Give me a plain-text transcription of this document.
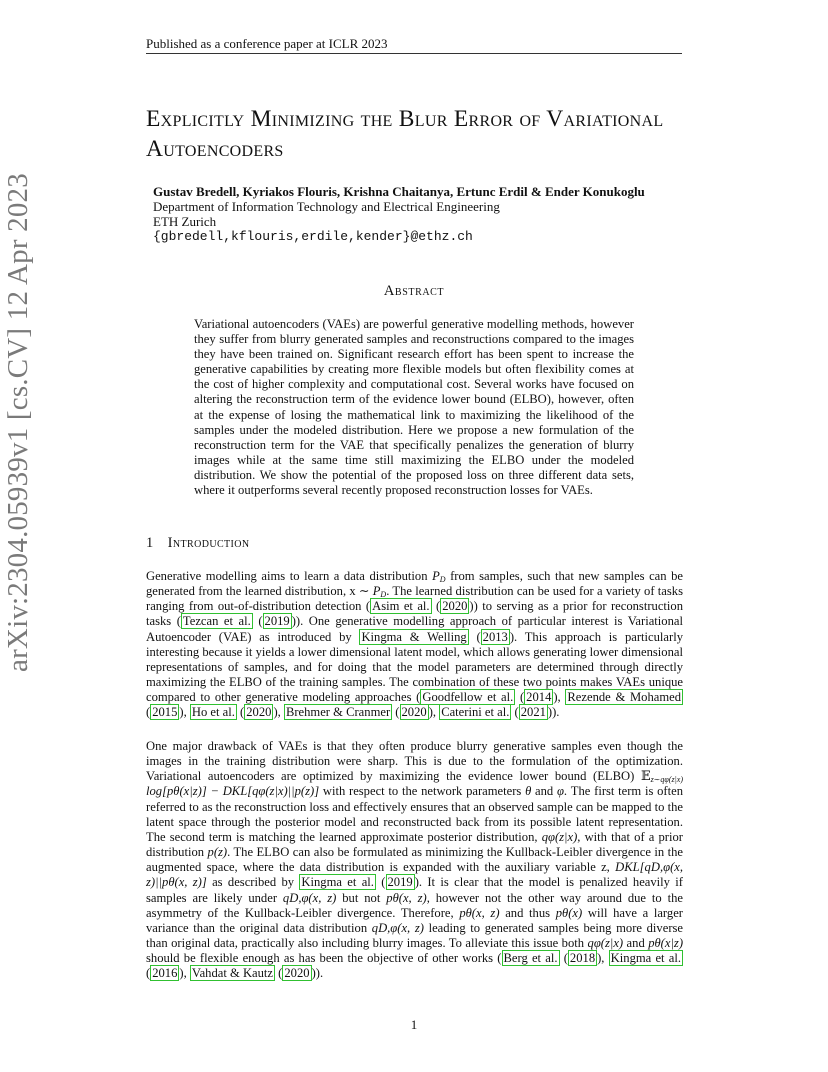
Published as a conference paper at ICLR 2023
arXiv:2304.05939v1 [cs.CV] 12 Apr 2023
Explicitly Minimizing the Blur Error of Variational Autoencoders
Gustav Bredell, Kyriakos Flouris, Krishna Chaitanya, Ertunc Erdil & Ender Konukoglu
Department of Information Technology and Electrical Engineering
ETH Zurich
{gbredell,kflouris,erdile,kender}@ethz.ch
Abstract

Variational autoencoders (VAEs) are powerful generative modelling methods, however they suffer from blurry generated samples and reconstructions compared to the images they have been trained on. Significant research effort has been spent to increase the generative capabilities by creating more flexible models but often flexibility comes at the cost of higher complexity and computational cost. Several works have focused on altering the reconstruction term of the evidence lower bound (ELBO), however, often at the expense of losing the mathematical link to maximizing the likelihood of the samples under the modeled distribution. Here we propose a new formulation of the reconstruction term for the VAE that specifically penalizes the generation of blurry images while at the same time still maximizing the ELBO under the modeled distribution. We show the potential of the proposed loss on three different data sets, where it outperforms several recently proposed reconstruction losses for VAEs.

1 Introduction

Generative modelling aims to learn a data distribution $P_D$ from samples, such that new samples can be generated from the learned distribution, x ∼ $P_D$. The learned distribution can be used for a variety of tasks ranging from out-of-distribution detection ( Asim et al. ( 2020 )) to serving as a prior for reconstruction tasks ( Tezcan et al. ( 2019 )). One generative modelling approach of particular interest is Variational Autoencoder (VAE) as introduced by Kingma & Welling ( 2013 ). This approach is particularly interesting because it yields a lower dimensional latent model, which allows generating lower dimensional representations of samples, and for doing that the model parameters are determined through directly maximizing the ELBO of the training samples. The combination of these two points makes VAEs unique compared to other generative modeling approaches ( Goodfellow et al. ( 2014 ), Rezende & Mohamed ( 2015 ), Ho et al. ( 2020 ), Brehmer & Cranmer ( 2020 ), Caterini et al. ( 2021 )).

One major drawback of VAEs is that they often produce blurry generative samples even though the images in the training distribution were sharp. This is due to the formulation of the optimization. Variational autoencoders are optimized by maximizing the evidence lower bound (ELBO) 𝔼$_{z\sim q\varphi(z|x)}$ log[pθ(x|z)] − DKL[qφ(z|x)||p(z)] with respect to the network parameters θ and φ. The first term is often referred to as the reconstruction loss and effectively ensures that an observed sample can be mapped to the latent space through the posterior model and reconstructed back from its possible latent representation. The second term is matching the learned approximate posterior distribution, qφ(z|x), with that of a prior distribution p(z). The ELBO can also be formulated as minimizing the Kullback-Leibler divergence in the augmented space, where the data distribution is expanded with the auxiliary variable z, DKL[qD,φ(x, z)||pθ(x, z)] as described by Kingma et al. ( 2019 ). It is clear that the model is penalized heavily if samples are likely under qD,φ(x, z) but not pθ(x, z), however not the other way around due to the asymmetry of the Kullback-Leibler divergence. Therefore, pθ(x, z) and thus pθ(x) will have a larger variance than the original data distribution qD,φ(x, z) leading to generated samples being more diverse than original data, practically also including blurry images. To alleviate this issue both qφ(z|x) and pθ(x|z) should be flexible enough as has been the objective of other works ( Berg et al. ( 2018 ), Kingma et al. ( 2016 ), Vahdat & Kautz ( 2020 )).

1
